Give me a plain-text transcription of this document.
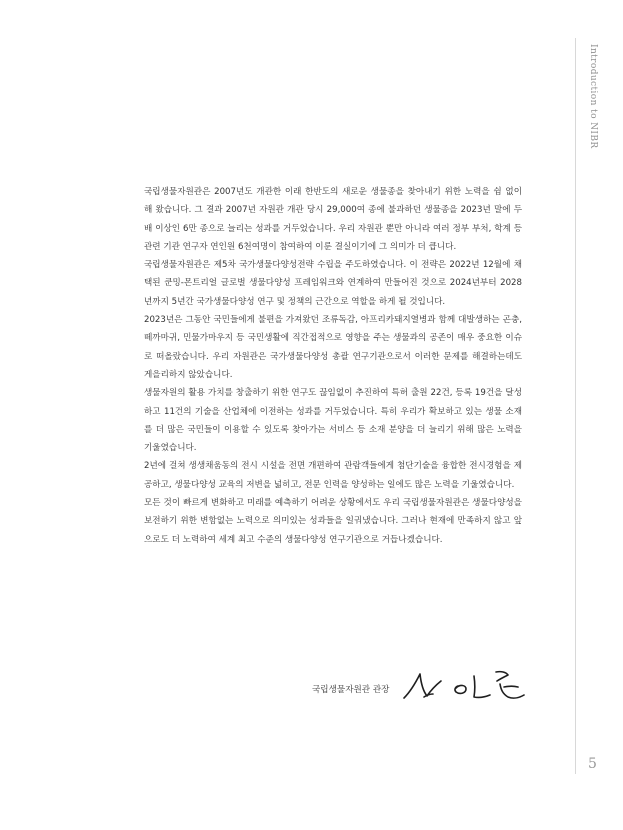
Introduction to NIBR
5

국립생물자원관은 2007년도 개관한 이래 한반도의 새로운 생물종을 찾아내기 위한 노력을 쉼 없이 해 왔습니다. 그 결과 2007년 자원관 개관 당시 29,000여 종에 불과하던 생물종을 2023년 말에 두 배 이상인 6만 종으로 늘리는 성과를 거두었습니다. 우리 자원관 뿐만 아니라 여러 정부 부처, 학계 등 관련 기관 연구자 연인원 6천여명이 참여하여 이룬 결실이기에 그 의미가 더 큽니다.

국립생물자원관은 제5차 국가생물다양성전략 수립을 주도하였습니다. 이 전략은 2022년 12월에 채택된 쿤밍-몬트리얼 글로벌 생물다양성 프레임워크와 연계하여 만들어진 것으로 2024년부터 2028년까지 5년간 국가생물다양성 연구 및 정책의 근간으로 역할을 하게 될 것입니다.

2023년은 그동안 국민들에게 불편을 가져왔던 조류독감, 아프리카돼지열병과 함께 대발생하는 곤충, 떼까마귀, 민물가마우지 등 국민생활에 직간접적으로 영향을 주는 생물과의 공존이 매우 중요한 이슈로 떠올랐습니다. 우리 자원관은 국가생물다양성 총괄 연구기관으로서 이러한 문제를 해결하는데도 게을리하지 않았습니다.

생물자원의 활용 가치를 창출하기 위한 연구도 끊임없이 추진하여 특허 출원 22건, 등록 19건을 달성하고 11건의 기술을 산업체에 이전하는 성과를 거두었습니다. 특히 우리가 확보하고 있는 생물 소재를 더 많은 국민들이 이용할 수 있도록 찾아가는 서비스 등 소재 분양을 더 늘리기 위해 많은 노력을 기울였습니다.

2년에 걸쳐 생생채움동의 전시 시설을 전면 개편하여 관람객들에게 첨단기술을 융합한 전시경험을 제공하고, 생물다양성 교육의 저변을 넓히고, 전문 인력을 양성하는 일에도 많은 노력을 기울였습니다.

모든 것이 빠르게 변화하고 미래를 예측하기 어려운 상황에서도 우리 국립생물자원관은 생물다양성을 보전하기 위한 변함없는 노력으로 의미있는 성과들을 일궈냈습니다. 그러나 현재에 만족하지 않고 앞으로도 더 노력하여 세계 최고 수준의 생물다양성 연구기관으로 거듭나겠습니다.

국립생물자원관 관장
